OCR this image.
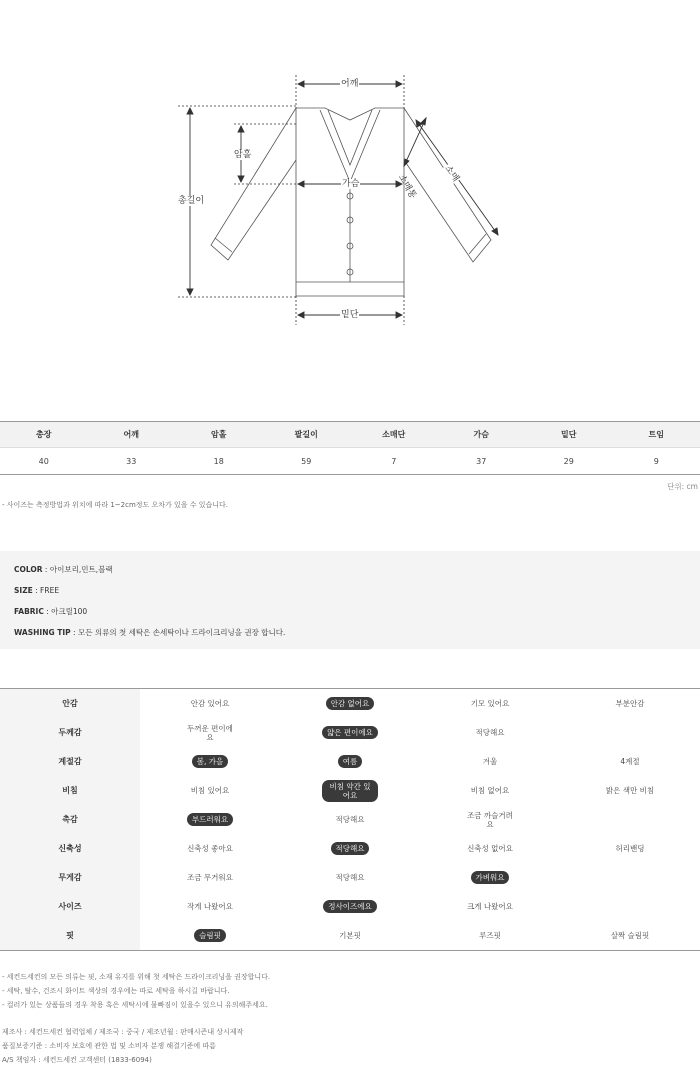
어깨
암홀
가슴
총길이
소매통	소매
밑단
총장	어깨	암홀	팔길이	소매단	가슴	밑단	트임
40	33	18	59	7	37	29	9
단위: cm
- 사이즈는 측정방법과 위치에 따라 1~2cm정도 오차가 있을 수 있습니다.
COLOR : 아이보리,민트,블랙
SIZE : FREE
FABRIC : 아크릴100
WASHING TIP : 모든 의류의 첫 세탁은 손세탁이나 드라이크리닝을 권장 합니다.
안감	안감 있어요	안감 없어요	기모 있어요	부분안감
두께감	두꺼운 편이에요	얇은 편이에요	적당해요
계절감	봄, 가을	여름	겨울	4계절
비침	비침 있어요	비침 약간 있어요	비침 없어요	밝은 색만 비침
촉감	부드러워요	적당해요	조금 까슬거려요
신축성	신축성 좋아요	적당해요	신축성 없어요	허리밴딩
무게감	조금 무거워요	적당해요	가벼워요
사이즈	작게 나왔어요	정사이즈에요	크게 나왔어요
핏	슬림핏	기본핏	루즈핏	살짝 슬림핏
- 세컨드세컨의 모든 의류는 핏, 소재 유지를 위해 첫 세탁은 드라이크리닝을 권장합니다.
- 세탁, 탈수, 건조시 화이트 색상의 경우에는 따로 세탁을 하시길 바랍니다.
- 컬러가 있는 상품들의 경우 착용 혹은 세탁시에 물빠짐이 있을수 있으니 유의해주세요.
제조사 : 세컨드세컨 협력업체 / 제조국 : 중국 / 제조년월 : 판매시즌내 상시제작
품질보증기준 : 소비자 보호에 관한 법 및 소비자 분쟁 해결기준에 따름
A/S 책임자 : 세컨드세컨 고객센터 (1833-6094)
